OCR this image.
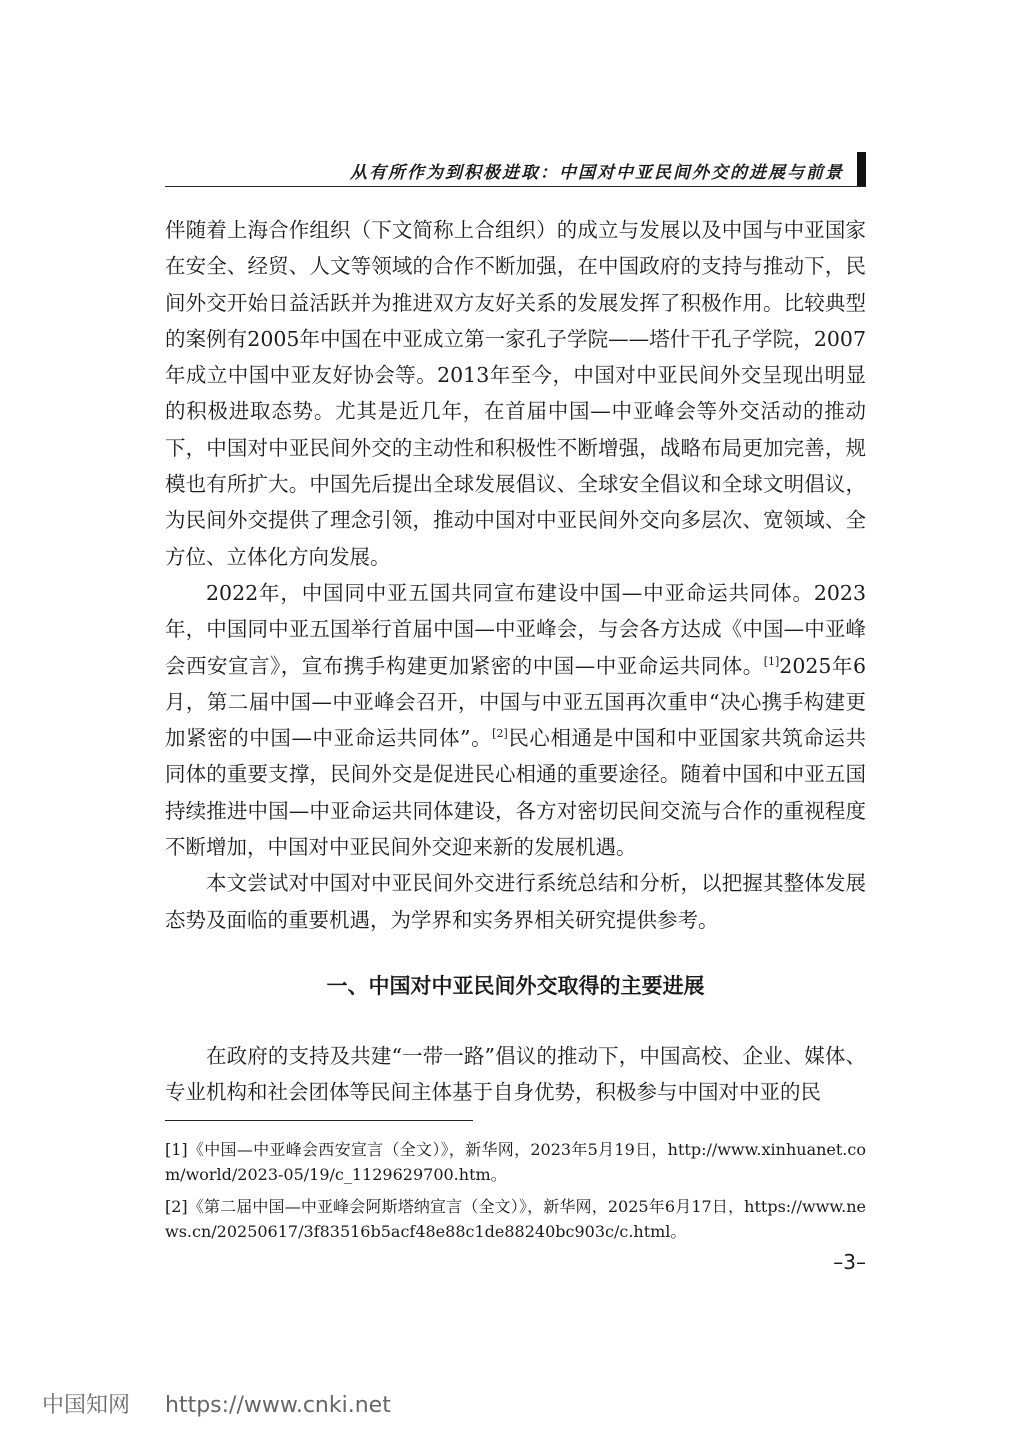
从有所作为到积极进取：中国对中亚民间外交的进展与前景

伴随着上海合作组织（下文简称上合组织）的成立与发展以及中国与中亚国家在安全、经贸、人文等领域的合作不断加强，在中国政府的支持与推动下，民间外交开始日益活跃并为推进双方友好关系的发展发挥了积极作用。比较典型的案例有2005年中国在中亚成立第一家孔子学院——塔什干孔子学院，2007年成立中国中亚友好协会等。2013年至今，中国对中亚民间外交呈现出明显的积极进取态势。尤其是近几年，在首届中国—中亚峰会等外交活动的推动下，中国对中亚民间外交的主动性和积极性不断增强，战略布局更加完善，规模也有所扩大。中国先后提出全球发展倡议、全球安全倡议和全球文明倡议，为民间外交提供了理念引领，推动中国对中亚民间外交向多层次、宽领域、全方位、立体化方向发展。

2022年，中国同中亚五国共同宣布建设中国—中亚命运共同体。2023年，中国同中亚五国举行首届中国—中亚峰会，与会各方达成《中国—中亚峰会西安宣言》，宣布携手构建更加紧密的中国—中亚命运共同体。[1]2025年6月，第二届中国—中亚峰会召开，中国与中亚五国再次重申“决心携手构建更加紧密的中国—中亚命运共同体”。[2]民心相通是中国和中亚国家共筑命运共同体的重要支撑，民间外交是促进民心相通的重要途径。随着中国和中亚五国持续推进中国—中亚命运共同体建设，各方对密切民间交流与合作的重视程度不断增加，中国对中亚民间外交迎来新的发展机遇。

本文尝试对中国对中亚民间外交进行系统总结和分析，以把握其整体发展态势及面临的重要机遇，为学界和实务界相关研究提供参考。

一、中国对中亚民间外交取得的主要进展
在政府的支持及共建“一带一路”倡议的推动下，中国高校、企业、媒体、专业机构和社会团体等民间主体基于自身优势，积极参与中国对中亚的民

[1]《中国—中亚峰会西安宣言（全文）》，新华网，2023年5月19日，http://www.xinhuanet.com/world/2023-05/19/c_1129629700.htm。

[2]《第二届中国—中亚峰会阿斯塔纳宣言（全文）》，新华网，2025年6月17日，https://www.news.cn/20250617/3f83516b5acf48e88c1de88240bc903c/c.html。

–3–
中国知网 https://www.cnki.net
